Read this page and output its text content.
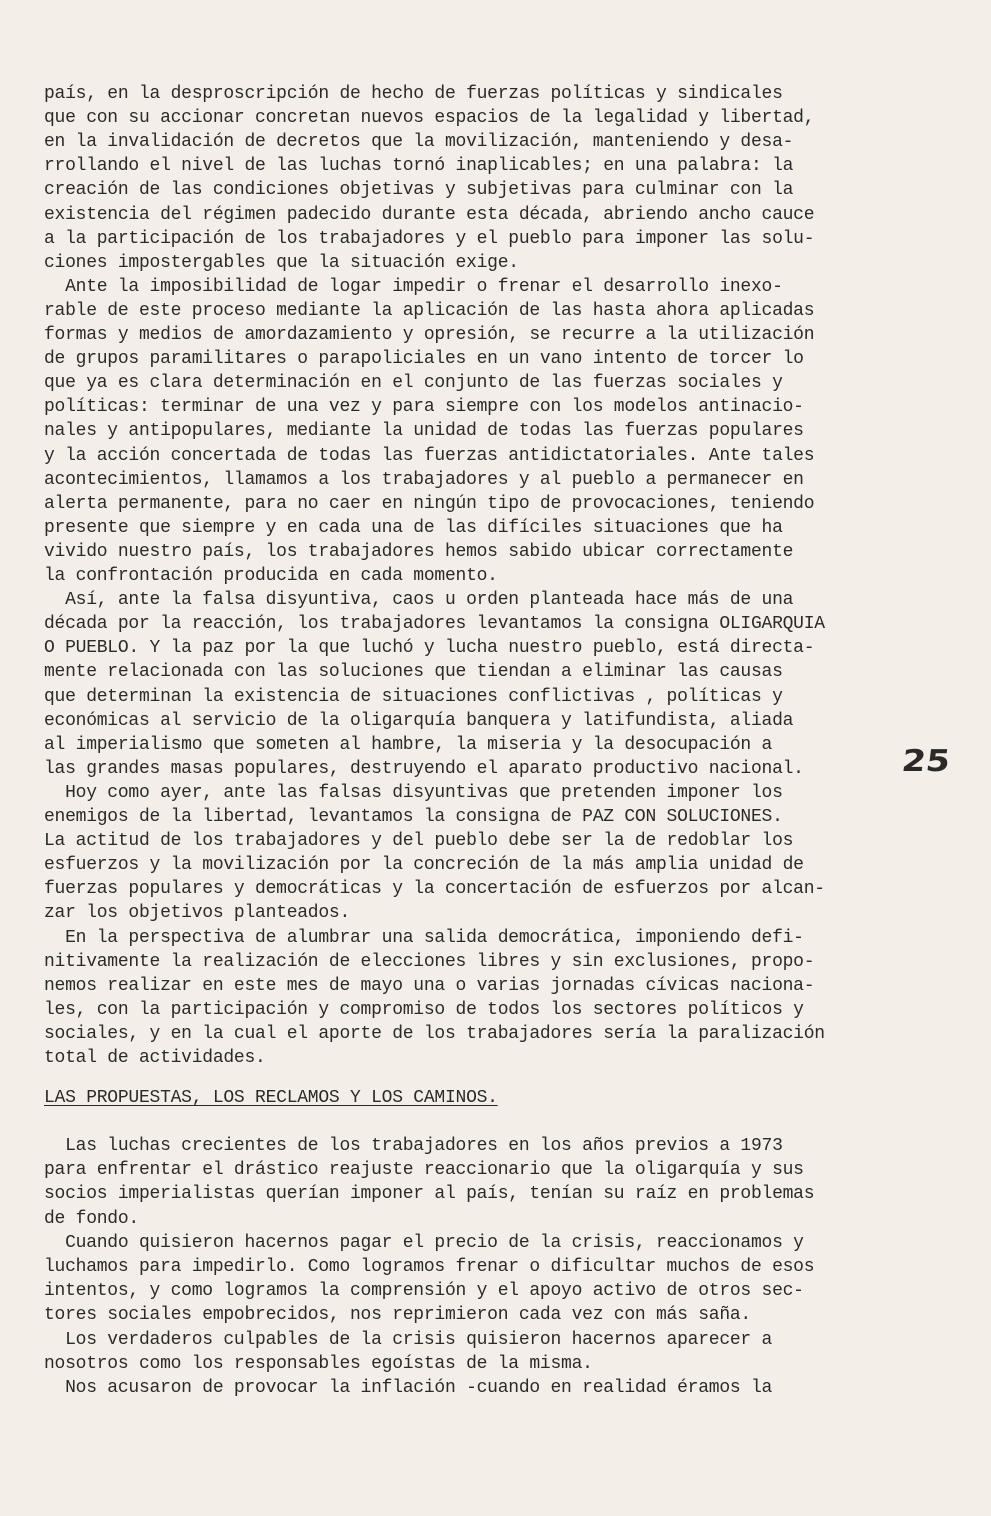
país, en la desproscripción de hecho de fuerzas políticas y sindicales
que con su accionar concretan nuevos espacios de la legalidad y libertad,
en la invalidación de decretos que la movilización, manteniendo y desa-
rrollando el nivel de las luchas tornó inaplicables; en una palabra: la
creación de las condiciones objetivas y subjetivas para culminar con la
existencia del régimen padecido durante esta década, abriendo ancho cauce
a la participación de los trabajadores y el pueblo para imponer las solu-
ciones impostergables que la situación exige.
Ante la imposibilidad de logar impedir o frenar el desarrollo inexo-
rable de este proceso mediante la aplicación de las hasta ahora aplicadas
formas y medios de amordazamiento y opresión, se recurre a la utilización
de grupos paramilitares o parapoliciales en un vano intento de torcer lo
que ya es clara determinación en el conjunto de las fuerzas sociales y
políticas: terminar de una vez y para siempre con los modelos antinacio-
nales y antipopulares, mediante la unidad de todas las fuerzas populares
y la acción concertada de todas las fuerzas antidictatoriales. Ante tales
acontecimientos, llamamos a los trabajadores y al pueblo a permanecer en
alerta permanente, para no caer en ningún tipo de provocaciones, teniendo
presente que siempre y en cada una de las difíciles situaciones que ha
vivido nuestro país, los trabajadores hemos sabido ubicar correctamente
la confrontación producida en cada momento.
Así, ante la falsa disyuntiva, caos u orden planteada hace más de una
década por la reacción, los trabajadores levantamos la consigna OLIGARQUIA
O PUEBLO. Y la paz por la que luchó y lucha nuestro pueblo, está directa-
mente relacionada con las soluciones que tiendan a eliminar las causas
que determinan la existencia de situaciones conflictivas , políticas y
económicas al servicio de la oligarquía banquera y latifundista, aliada
al imperialismo que someten al hambre, la miseria y la desocupación a
las grandes masas populares, destruyendo el aparato productivo nacional.
Hoy como ayer, ante las falsas disyuntivas que pretenden imponer los
enemigos de la libertad, levantamos la consigna de PAZ CON SOLUCIONES.
La actitud de los trabajadores y del pueblo debe ser la de redoblar los
esfuerzos y la movilización por la concreción de la más amplia unidad de
fuerzas populares y democráticas y la concertación de esfuerzos por alcan-
zar los objetivos planteados.
En la perspectiva de alumbrar una salida democrática, imponiendo defi-
nitivamente la realización de elecciones libres y sin exclusiones, propo-
nemos realizar en este mes de mayo una o varias jornadas cívicas naciona-
les, con la participación y compromiso de todos los sectores políticos y
sociales, y en la cual el aporte de los trabajadores sería la paralización
total de actividades.
LAS PROPUESTAS, LOS RECLAMOS Y LOS CAMINOS.
Las luchas crecientes de los trabajadores en los años previos a 1973
para enfrentar el drástico reajuste reaccionario que la oligarquía y sus
socios imperialistas querían imponer al país, tenían su raíz en problemas
de fondo.
Cuando quisieron hacernos pagar el precio de la crisis, reaccionamos y
luchamos para impedirlo. Como logramos frenar o dificultar muchos de esos
intentos, y como logramos la comprensión y el apoyo activo de otros sec-
tores sociales empobrecidos, nos reprimieron cada vez con más saña.
Los verdaderos culpables de la crisis quisieron hacernos aparecer a
nosotros como los responsables egoístas de la misma.
Nos acusaron de provocar la inflación -cuando en realidad éramos la
25
